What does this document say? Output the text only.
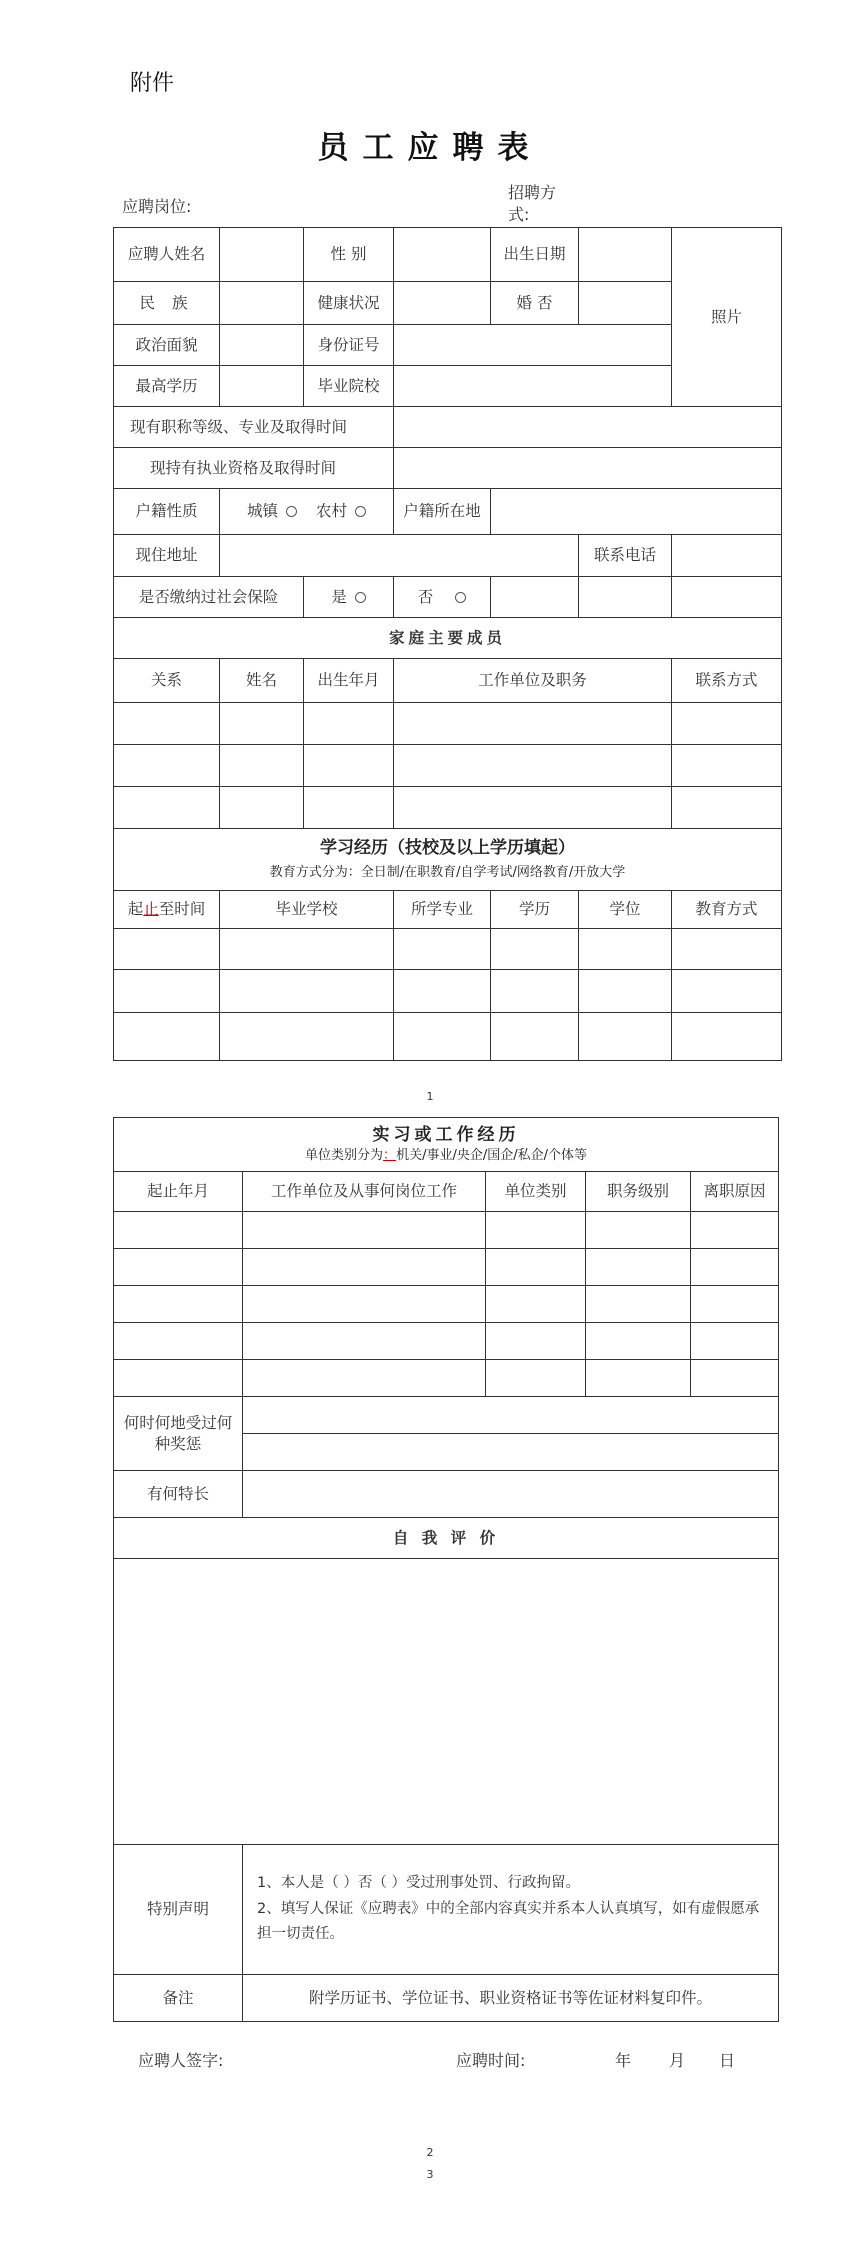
附件
员工应聘表
应聘岗位:
招聘方式:
应聘人姓名		性 别		出生日期		照片
民 族		健康状况		婚 否		
政治面貌		身份证号				
最高学历		毕业院校				
现有职称等级、专业及取得时间						
现持有执业资格及取得时间						
户籍性质	城镇 农村		户籍所在地			
现住地址					联系电话	
是否缴纳过社会保险		是	否			
家庭主要成员						
关系	姓名	出生年月	工作单位及职务			联系方式

学习经历（技校及以上学历填起）
教育方式分为：全日制/在职教育/自学考试/网络教育/开放大学						

起止至时间	毕业学校		所学专业	学历	学位	教育方式

1
实习或工作经历
单位类别分为：机关/事业/央企/国企/私企/个体等				

起止年月	工作单位及从事何岗位工作	单位类别	职务级别	离职原因

何时何地受过何种奖惩				

有何特长				
自 我 评 价				

特别声明	1、本人是（ ）否（ ）受过刑事处罚、行政拘留。
2、填写人保证《应聘表》中的全部内容真实并系本人认真填写，如有虚假愿承担一切责任。			

备注	附学历证书、学位证书、职业资格证书等佐证材料复印件。			
应聘人签字:	应聘时间:	年 月 日
2
3
